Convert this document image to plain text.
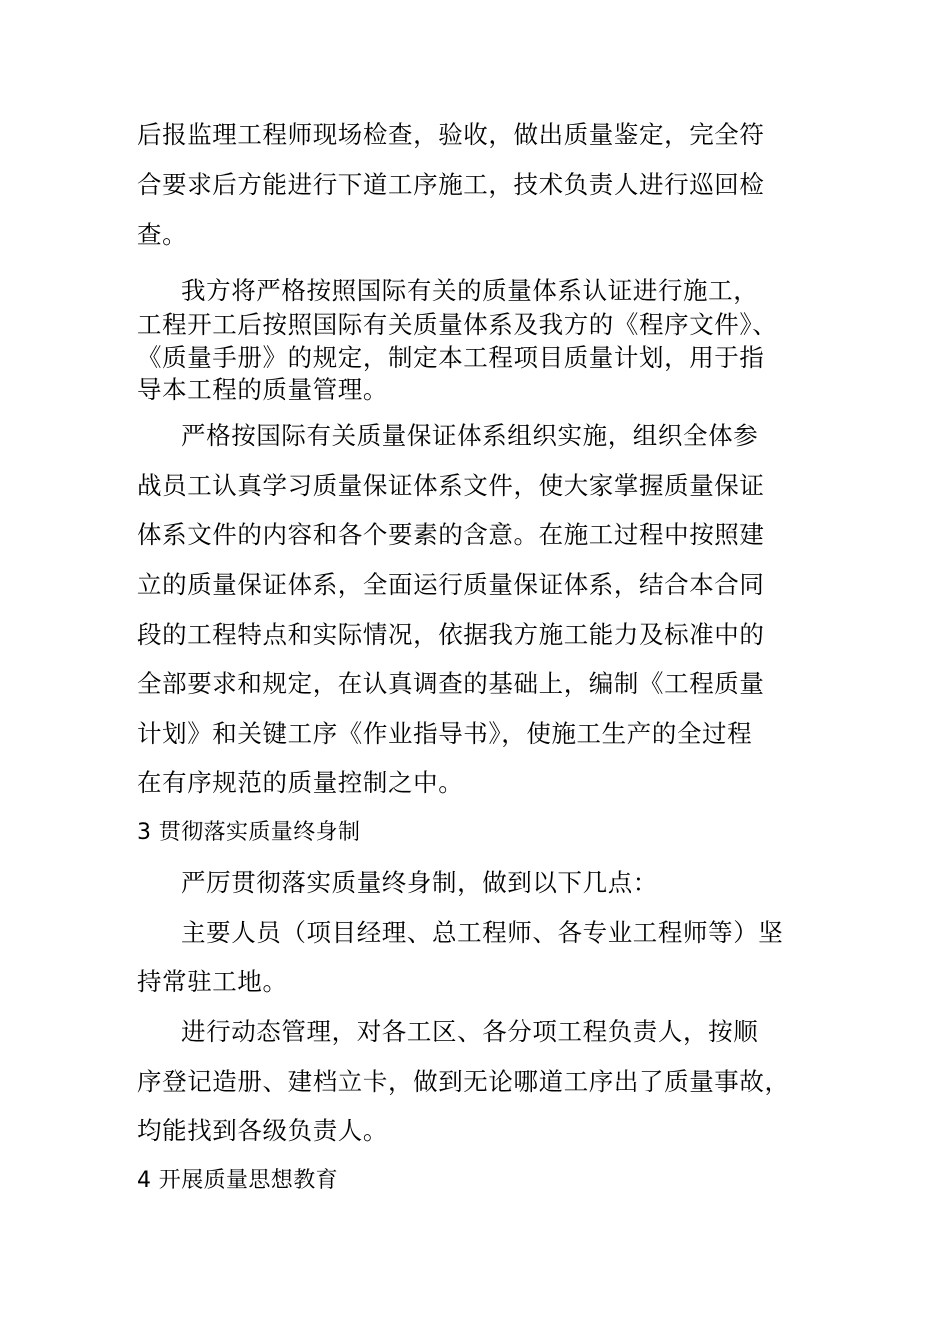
后报监理工程师现场检查，验收，做出质量鉴定，完全符
合要求后方能进行下道工序施工，技术负责人进行巡回检
查。
我方将严格按照国际有关的质量体系认证进行施工，
工程开工后按照国际有关质量体系及我方的《程序文件》、
《质量手册》的规定，制定本工程项目质量计划，用于指
导本工程的质量管理。
严格按国际有关质量保证体系组织实施，组织全体参
战员工认真学习质量保证体系文件，使大家掌握质量保证
体系文件的内容和各个要素的含意。在施工过程中按照建
立的质量保证体系，全面运行质量保证体系，结合本合同
段的工程特点和实际情况，依据我方施工能力及标准中的
全部要求和规定，在认真调查的基础上，编制《工程质量
计划》和关键工序《作业指导书》，使施工生产的全过程
在有序规范的质量控制之中。
3 贯彻落实质量终身制
严厉贯彻落实质量终身制，做到以下几点：
主要人员（项目经理、总工程师、各专业工程师等）坚
持常驻工地。
进行动态管理，对各工区、各分项工程负责人，按顺
序登记造册、建档立卡，做到无论哪道工序出了质量事故，
均能找到各级负责人。
4 开展质量思想教育
